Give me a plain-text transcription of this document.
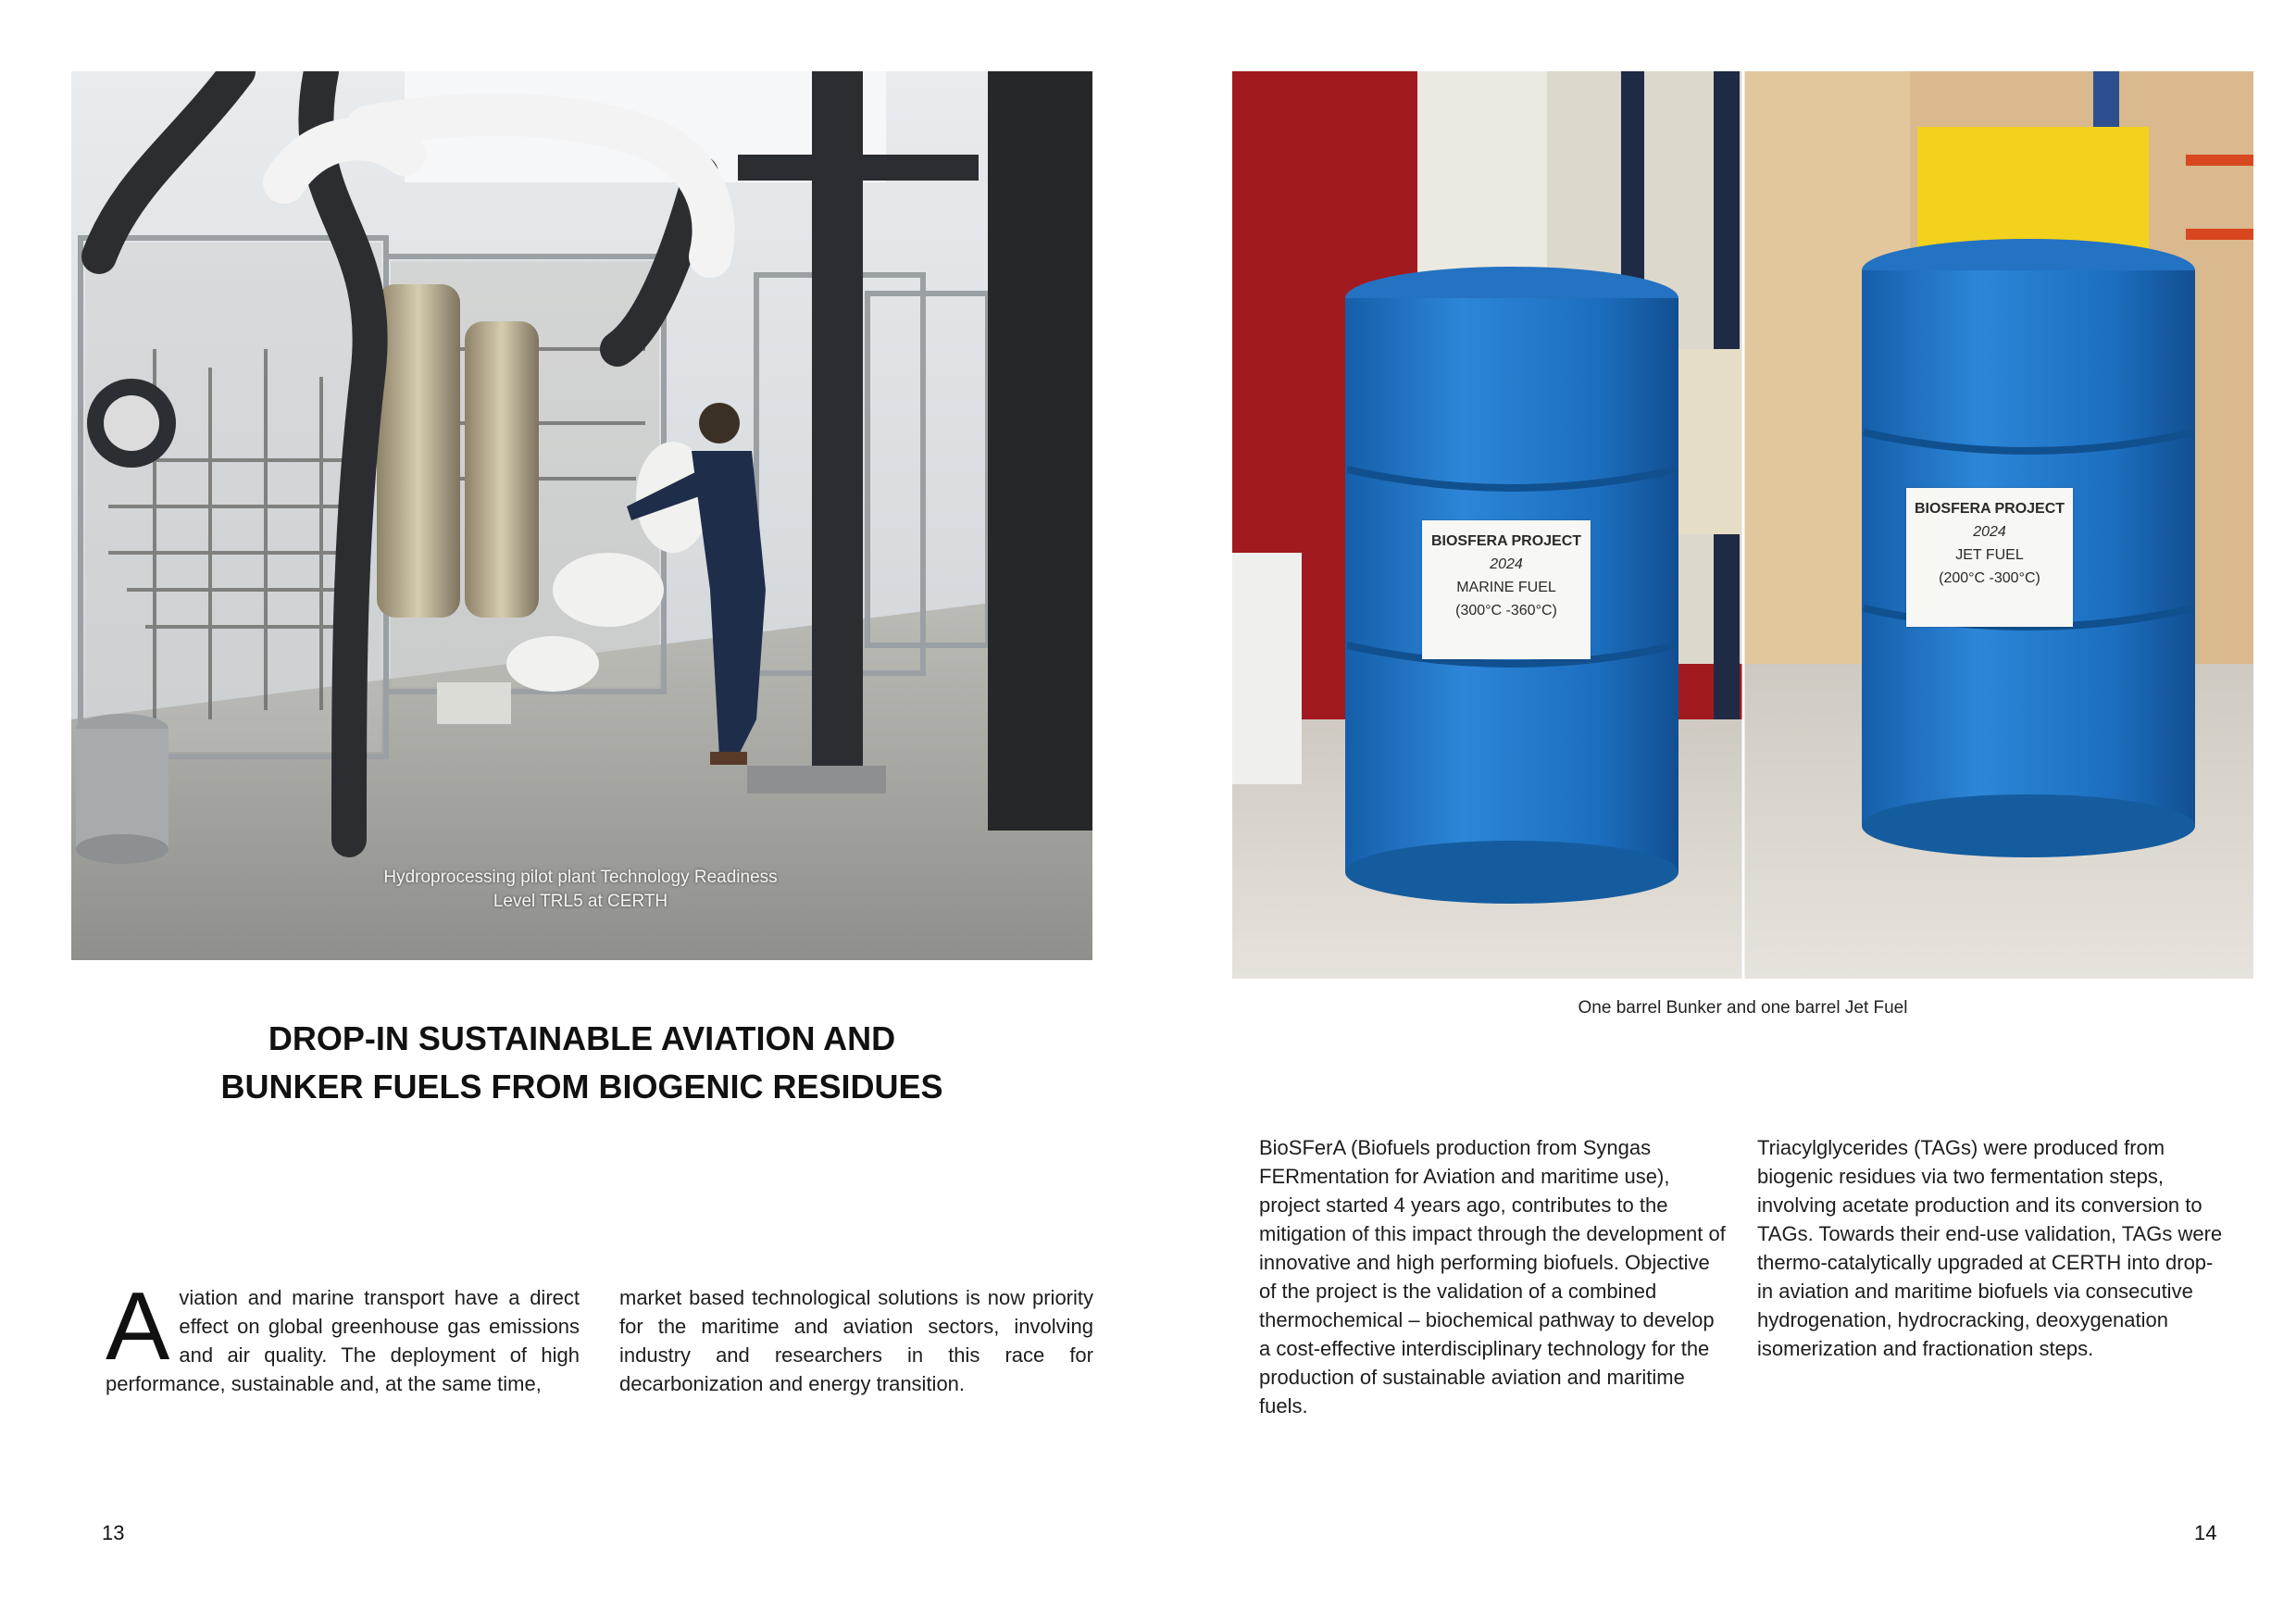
Hydroprocessing pilot plant Technology Readiness Level TRL5 at CERTH
DROP-IN SUSTAINABLE AVIATION AND
BUNKER FUELS FROM BIOGENIC RESIDUES
A viation and marine transport have a direct effect on global greenhouse gas emissions and air quality. The deployment of high performance, sustainable and, at the same time,
market based technological solutions is now priority for the maritime and aviation sectors, involving industry and researchers in this race for decarbonization and energy transition.
13
BIOSFERA PROJECT
2024
MARINE FUEL
(300°C -360°C)
BIOSFERA PROJECT
2024
JET FUEL
(200°C -300°C)
One barrel Bunker and one barrel Jet Fuel
BioSFerA (Biofuels production from Syngas FERmentation for Aviation and maritime use), project started 4 years ago, contributes to the mitigation of this impact through the development of innovative and high performing biofuels. Objective of the project is the validation of a combined thermochemical – biochemical pathway to develop a cost-effective interdisciplinary technology for the production of sustainable aviation and maritime fuels.
Triacylglycerides (TAGs) were produced from biogenic residues via two fermentation steps, involving acetate production and its conversion to TAGs. Towards their end-use validation, TAGs were thermo-catalytically upgraded at CERTH into drop-in aviation and maritime biofuels via consecutive hydrogenation, hydrocracking, deoxygenation isomerization and fractionation steps.
14
